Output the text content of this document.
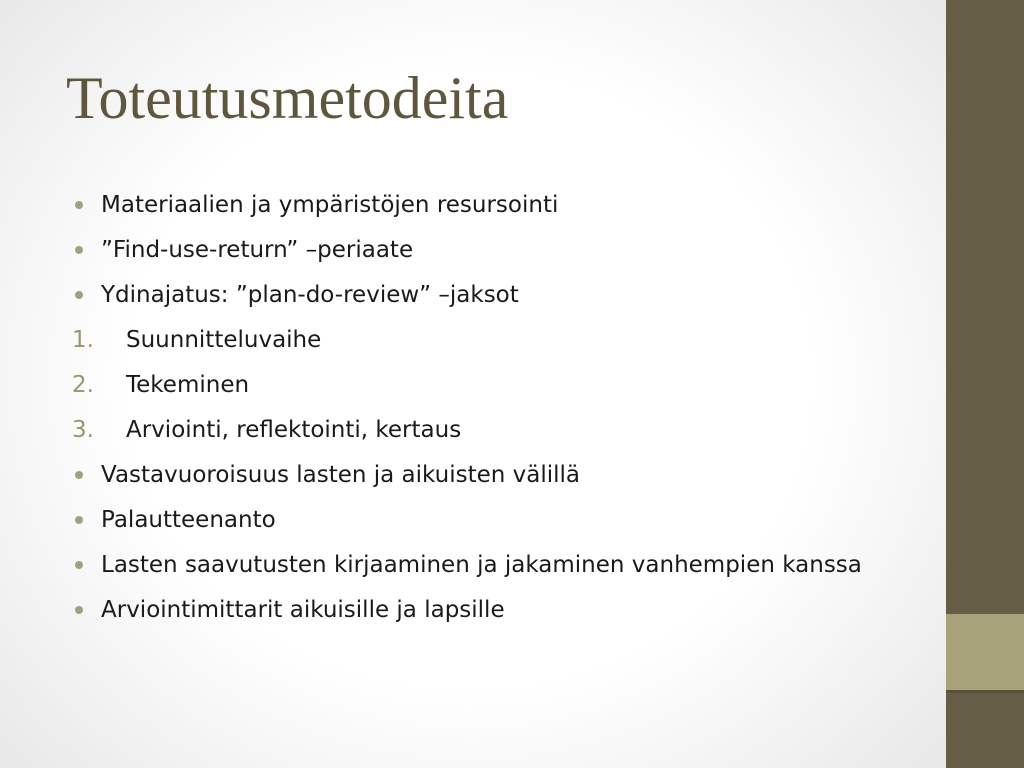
Toteutusmetodeita
Materiaalien ja ympäristöjen resursointi
”Find-use-return” –periaate
Ydinajatus: ”plan-do-review” –jaksot
1. Suunnitteluvaihe
2. Tekeminen
3. Arviointi, reflektointi, kertaus
Vastavuoroisuus lasten ja aikuisten välillä
Palautteenanto
Lasten saavutusten kirjaaminen ja jakaminen vanhempien kanssa
Arviointimittarit aikuisille ja lapsille
